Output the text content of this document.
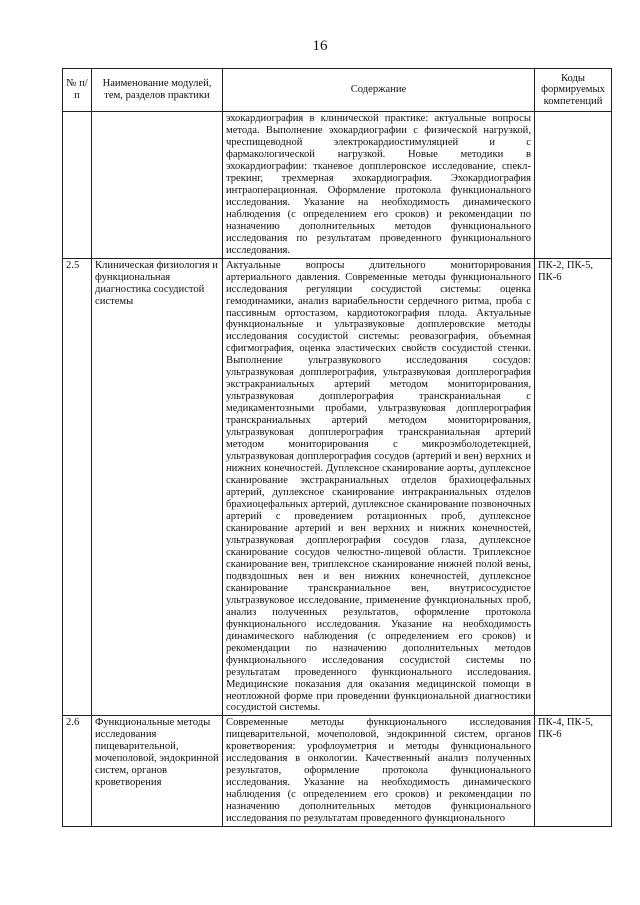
16
№ п/п	Наименование модулей, тем, разделов практики	Содержание	Коды формируемых компетенций
		эхокардиография в клинической практике: актуальные вопросы метода. Выполнение эхокардиографии с физической нагрузкой, чреспищеводной электрокардиостимуляцией и с фармакологической нагрузкой. Новые методики в эхокардиографии: тканевое допплеровское исследование, спекл-трекинг, трехмерная эхокардиография. Эхокардиография интраоперационная. Оформление протокола функционального исследования. Указание на необходимость динамического наблюдения (с определением его сроков) и рекомендации по назначению дополнительных методов функционального исследования по результатам проведенного функционального исследования.	
2.5	Клиническая физиология и функциональная диагностика сосудистой системы	Актуальные вопросы длительного мониторирования артериального давления. Современные методы функционального исследования регуляции сосудистой системы: оценка гемодинамики, анализ вариабельности сердечного ритма, проба с пассивным ортостазом, кардиотокография плода. Актуальные функциональные и ультразвуковые допплеровские методы исследования сосудистой системы: реовазография, объемная сфигмография, оценка эластических свойств сосудистой стенки. Выполнение ультразвукового исследования сосудов: ультразвуковая допплерография, ультразвуковая допплерография экстракраниальных артерий методом мониторирования, ультразвуковая допплерография транскраниальная с медикаментозными пробами, ультразвуковая допплерография транскраниальных артерий методом мониторирования, ультразвуковая допплерография транскраниальная артерий методом мониторирования с микроэмболодетекцией, ультразвуковая допплерография сосудов (артерий и вен) верхних и нижних конечностей. Дуплексное сканирование аорты, дуплексное сканирование экстракраниальных отделов брахиоцефальных артерий, дуплексное сканирование интракраниальных отделов брахиоцефальных артерий, дуплексное сканирование позвоночных артерий с проведением ротационных проб, дуплексное сканирование артерий и вен верхних и нижних конечностей, ультразвуковая допплерография сосудов глаза, дуплексное сканирование сосудов челюстно-лицевой области. Триплексное сканирование вен, триплексное сканирование нижней полой вены, подвздошных вен и вен нижних конечностей, дуплексное сканирование транскраниальное вен, внутрисосудистое ультразвуковое исследование, применение функциональных проб, анализ полученных результатов, оформление протокола функционального исследования. Указание на необходимость динамического наблюдения (с определением его сроков) и рекомендации по назначению дополнительных методов функционального исследования сосудистой системы по результатам проведенного функционального исследования. Медицинские показания для оказания медицинской помощи в неотложной форме при проведении функциональной диагностики сосудистой системы.	ПК-2, ПК-5, ПК-6
2.6	Функциональные методы исследования пищеварительной, мочеполовой, эндокринной систем, органов кроветворения	Современные методы функционального исследования пищеварительной, мочеполовой, эндокринной систем, органов кроветворения: урофлоуметрия и методы функционального исследования в онкологии. Качественный анализ полученных результатов, оформление протокола функционального исследования. Указание на необходимость динамического наблюдения (с определением его сроков) и рекомендации по назначению дополнительных методов функционального исследования по результатам проведенного функционального	ПК-4, ПК-5, ПК-6
